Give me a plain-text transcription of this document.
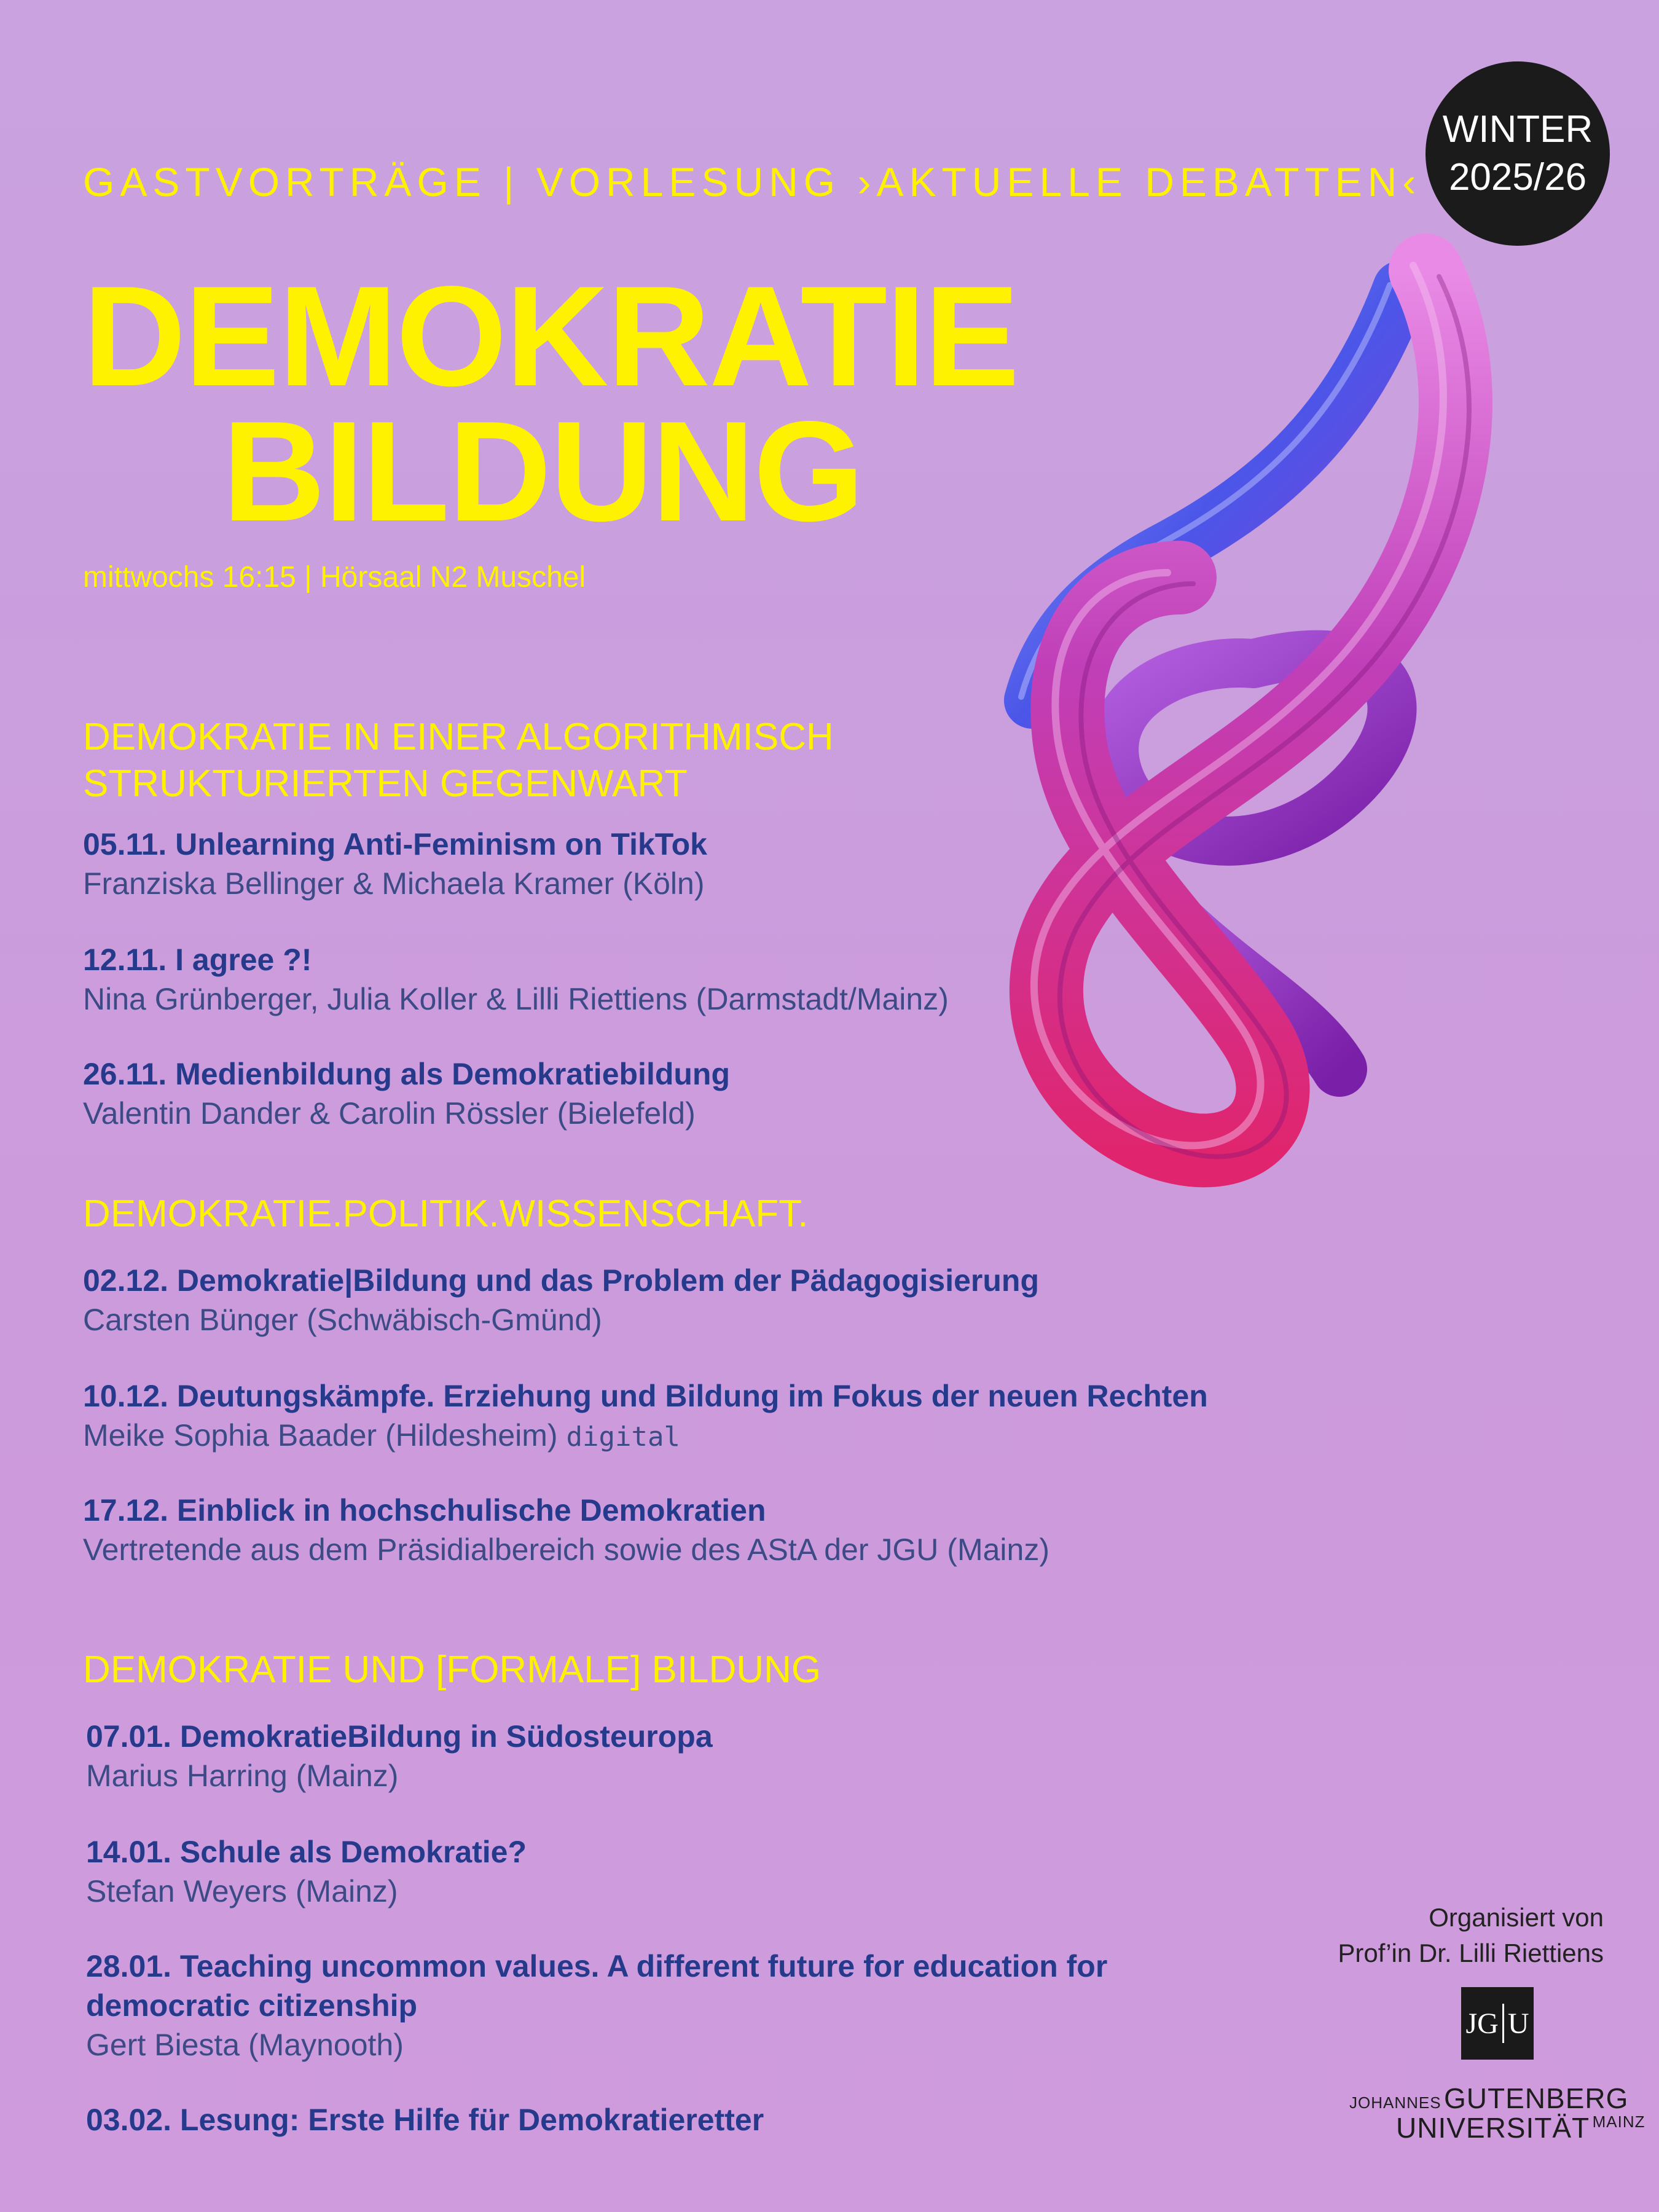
GASTVORTRÄGE | VORLESUNG ›AKTUELLE DEBATTEN‹
WINTER
2025/26
DEMOKRATIE
BILDUNG
mittwochs 16:15 | Hörsaal N2 Muschel
DEMOKRATIE IN EINER ALGORITHMISCH
STRUKTURIERTEN GEGENWART
05.11. Unlearning Anti-Feminism on TikTok
Franziska Bellinger & Michaela Kramer (Köln)
12.11. I agree ?!
Nina Grünberger, Julia Koller & Lilli Riettiens (Darmstadt/Mainz)
26.11. Medienbildung als Demokratiebildung
Valentin Dander & Carolin Rössler (Bielefeld)
DEMOKRATIE.POLITIK.WISSENSCHAFT.
02.12. Demokratie|Bildung und das Problem der Pädagogisierung
Carsten Bünger (Schwäbisch-Gmünd)
10.12. Deutungskämpfe. Erziehung und Bildung im Fokus der neuen Rechten
Meike Sophia Baader (Hildesheim) digital
17.12. Einblick in hochschulische Demokratien
Vertretende aus dem Präsidialbereich sowie des AStA der JGU (Mainz)
DEMOKRATIE UND [FORMALE] BILDUNG
07.01. DemokratieBildung in Südosteuropa
Marius Harring (Mainz)
14.01. Schule als Demokratie?
Stefan Weyers (Mainz)
28.01. Teaching uncommon values. A different future for education for
democratic citizenship
Gert Biesta (Maynooth)
03.02. Lesung: Erste Hilfe für Demokratieretter
Organisiert von
Prof’in Dr. Lilli Riettiens
JG U
JOHANNES GUTENBERG
UNIVERSITÄT MAINZ
